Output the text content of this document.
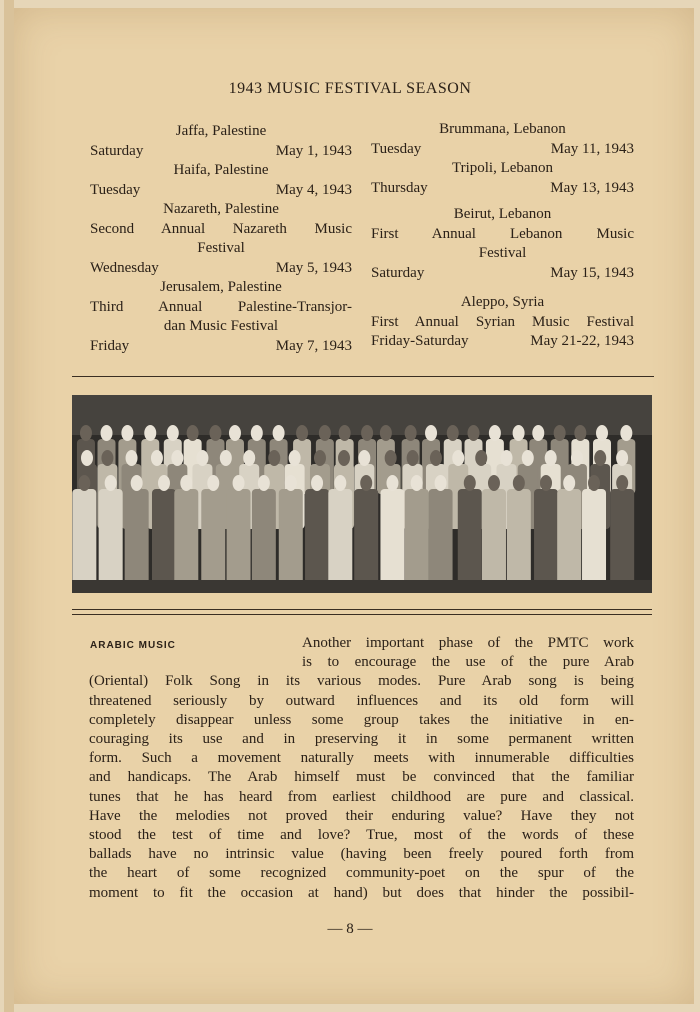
1943 MUSIC FESTIVAL SEASON
Jaffa, Palestine
Saturday	May 1, 1943
Haifa, Palestine
Tuesday	May 4, 1943
Nazareth, Palestine
Second Annual Nazareth Music
Festival
Wednesday	May 5, 1943
Jerusalem, Palestine
Third Annual Palestine-Transjor-
dan Music Festival
Friday	May 7, 1943
Brummana, Lebanon
Tuesday	May 11, 1943
Tripoli, Lebanon
Thursday	May 13, 1943
Beirut, Lebanon
First Annual Lebanon Music
Festival
Saturday	May 15, 1943
Aleppo, Syria
First Annual Syrian Music Festival
Friday-Saturday	May 21-22, 1943
ARABIC MUSIC	Another important phase of the PMTC work
is to encourage the use of the pure Arab
(Oriental) Folk Song in its various modes. Pure Arab song is being
threatened seriously by outward influences and its old form will
completely disappear unless some group takes the initiative in en-
couraging its use and in preserving it in some permanent written
form. Such a movement naturally meets with innumerable difficulties
and handicaps. The Arab himself must be convinced that the familiar
tunes that he has heard from earliest childhood are pure and classical.
Have the melodies not proved their enduring value? Have they not
stood the test of time and love? True, most of the words of these
ballads have no intrinsic value (having been freely poured forth from
the heart of some recognized community-poet on the spur of the
moment to fit the occasion at hand) but does that hinder the possibil-
— 8 —
